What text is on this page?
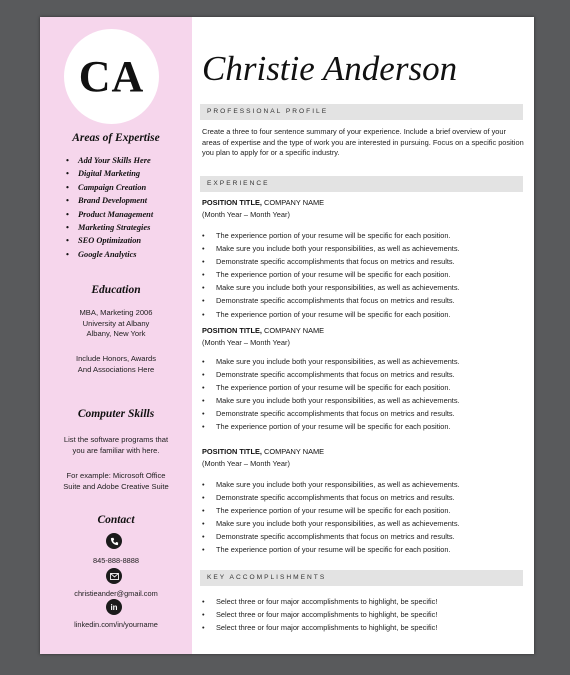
CA
Areas of Expertise
• Add Your Skills Here
• Digital Marketing
• Campaign Creation
• Brand Development
• Product Management
• Marketing Strategies
• SEO Optimization
• Google Analytics
Education
MBA, Marketing 2006
University at Albany
Albany, New York
Include Honors, Awards
And Associations Here
Computer Skills
List the software programs that
you are familiar with here.
For example: Microsoft Office
Suite and Adobe Creative Suite
Contact
845-888-8888
christieander@gmail.com
in
linkedin.com/in/yourname
Christie Anderson
PROFESSIONAL PROFILE
Create a three to four sentence summary of your experience. Include a brief overview of your areas of expertise and the type of work you are interested in pursuing. Focus on a specific position you plan to apply for or a specific industry.
EXPERIENCE
POSITION TITLE, COMPANY NAME
(Month Year – Month Year)
• The experience portion of your resume will be specific for each position.
• Make sure you include both your responsibilities, as well as achievements.
• Demonstrate specific accomplishments that focus on metrics and results.
• The experience portion of your resume will be specific for each position.
• Make sure you include both your responsibilities, as well as achievements.
• Demonstrate specific accomplishments that focus on metrics and results.
• The experience portion of your resume will be specific for each position.
POSITION TITLE, COMPANY NAME
(Month Year – Month Year)
• Make sure you include both your responsibilities, as well as achievements.
• Demonstrate specific accomplishments that focus on metrics and results.
• The experience portion of your resume will be specific for each position.
• Make sure you include both your responsibilities, as well as achievements.
• Demonstrate specific accomplishments that focus on metrics and results.
• The experience portion of your resume will be specific for each position.
POSITION TITLE, COMPANY NAME
(Month Year – Month Year)
• Make sure you include both your responsibilities, as well as achievements.
• Demonstrate specific accomplishments that focus on metrics and results.
• The experience portion of your resume will be specific for each position.
• Make sure you include both your responsibilities, as well as achievements.
• Demonstrate specific accomplishments that focus on metrics and results.
• The experience portion of your resume will be specific for each position.
KEY ACCOMPLISHMENTS
• Select three or four major accomplishments to highlight, be specific!
• Select three or four major accomplishments to highlight, be specific!
• Select three or four major accomplishments to highlight, be specific!
